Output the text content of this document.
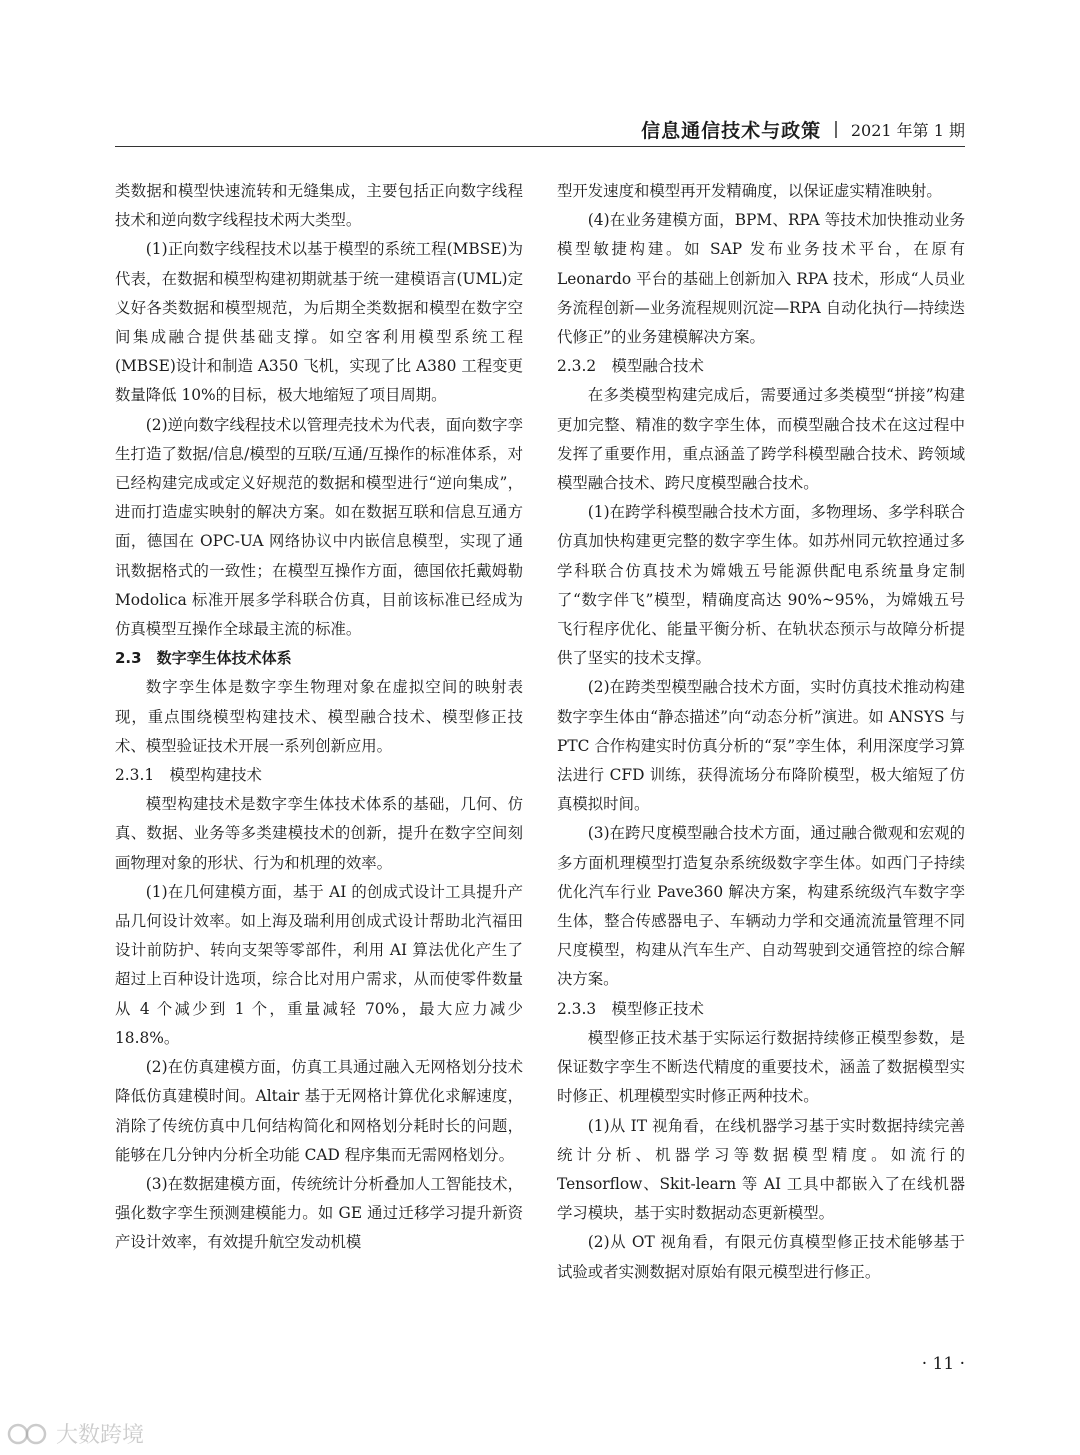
信息通信技术与政策 | 2021 年第 1 期

类数据和模型快速流转和无缝集成，主要包括正向数字线程技术和逆向数字线程技术两大类型。

(1)正向数字线程技术以基于模型的系统工程(MBSE)为代表，在数据和模型构建初期就基于统一建模语言(UML)定义好各类数据和模型规范，为后期全类数据和模型在数字空间集成融合提供基础支撑。如空客利用模型系统工程(MBSE)设计和制造 A350 飞机，实现了比 A380 工程变更数量降低 10%的目标，极大地缩短了项目周期。

(2)逆向数字线程技术以管理壳技术为代表，面向数字孪生打造了数据/信息/模型的互联/互通/互操作的标准体系，对已经构建完成或定义好规范的数据和模型进行“逆向集成”，进而打造虚实映射的解决方案。如在数据互联和信息互通方面，德国在 OPC-UA 网络协议中内嵌信息模型，实现了通讯数据格式的一致性；在模型互操作方面，德国依托戴姆勒 Modolica 标准开展多学科联合仿真，目前该标准已经成为仿真模型互操作全球最主流的标准。

2.3　数字孪生体技术体系

数字孪生体是数字孪生物理对象在虚拟空间的映射表现，重点围绕模型构建技术、模型融合技术、模型修正技术、模型验证技术开展一系列创新应用。

2.3.1　模型构建技术

模型构建技术是数字孪生体技术体系的基础，几何、仿真、数据、业务等多类建模技术的创新，提升在数字空间刻画物理对象的形状、行为和机理的效率。

(1)在几何建模方面，基于 AI 的创成式设计工具提升产品几何设计效率。如上海及瑞利用创成式设计帮助北汽福田设计前防护、转向支架等零部件，利用 AI 算法优化产生了超过上百种设计选项，综合比对用户需求，从而使零件数量从 4 个减少到 1 个，重量减轻 70%，最大应力减少 18.8%。

(2)在仿真建模方面，仿真工具通过融入无网格划分技术降低仿真建模时间。Altair 基于无网格计算优化求解速度，消除了传统仿真中几何结构简化和网格划分耗时长的问题，能够在几分钟内分析全功能 CAD 程序集而无需网格划分。

(3)在数据建模方面，传统统计分析叠加人工智能技术，强化数字孪生预测建模能力。如 GE 通过迁移学习提升新资产设计效率，有效提升航空发动机模

型开发速度和模型再开发精确度，以保证虚实精准映射。

(4)在业务建模方面，BPM、RPA 等技术加快推动业务模型敏捷构建。如 SAP 发布业务技术平台，在原有 Leonardo 平台的基础上创新加入 RPA 技术，形成“人员业务流程创新—业务流程规则沉淀—RPA 自动化执行—持续迭代修正”的业务建模解决方案。

2.3.2　模型融合技术

在多类模型构建完成后，需要通过多类模型“拼接”构建更加完整、精准的数字孪生体，而模型融合技术在这过程中发挥了重要作用，重点涵盖了跨学科模型融合技术、跨领域模型融合技术、跨尺度模型融合技术。

(1)在跨学科模型融合技术方面，多物理场、多学科联合仿真加快构建更完整的数字孪生体。如苏州同元软控通过多学科联合仿真技术为嫦娥五号能源供配电系统量身定制了“数字伴飞”模型，精确度高达 90%~95%，为嫦娥五号飞行程序优化、能量平衡分析、在轨状态预示与故障分析提供了坚实的技术支撑。

(2)在跨类型模型融合技术方面，实时仿真技术推动构建数字孪生体由“静态描述”向“动态分析”演进。如 ANSYS 与 PTC 合作构建实时仿真分析的“泵”孪生体，利用深度学习算法进行 CFD 训练，获得流场分布降阶模型，极大缩短了仿真模拟时间。

(3)在跨尺度模型融合技术方面，通过融合微观和宏观的多方面机理模型打造复杂系统级数字孪生体。如西门子持续优化汽车行业 Pave360 解决方案，构建系统级汽车数字孪生体，整合传感器电子、车辆动力学和交通流流量管理不同尺度模型，构建从汽车生产、自动驾驶到交通管控的综合解决方案。

2.3.3　模型修正技术

模型修正技术基于实际运行数据持续修正模型参数，是保证数字孪生不断迭代精度的重要技术，涵盖了数据模型实时修正、机理模型实时修正两种技术。

(1)从 IT 视角看，在线机器学习基于实时数据持续完善统计分析、机器学习等数据模型精度。如流行的 Tensorflow、Skit-learn 等 AI 工具中都嵌入了在线机器学习模块，基于实时数据动态更新模型。

(2)从 OT 视角看，有限元仿真模型修正技术能够基于试验或者实测数据对原始有限元模型进行修正。

· 11 ·
大数跨境
